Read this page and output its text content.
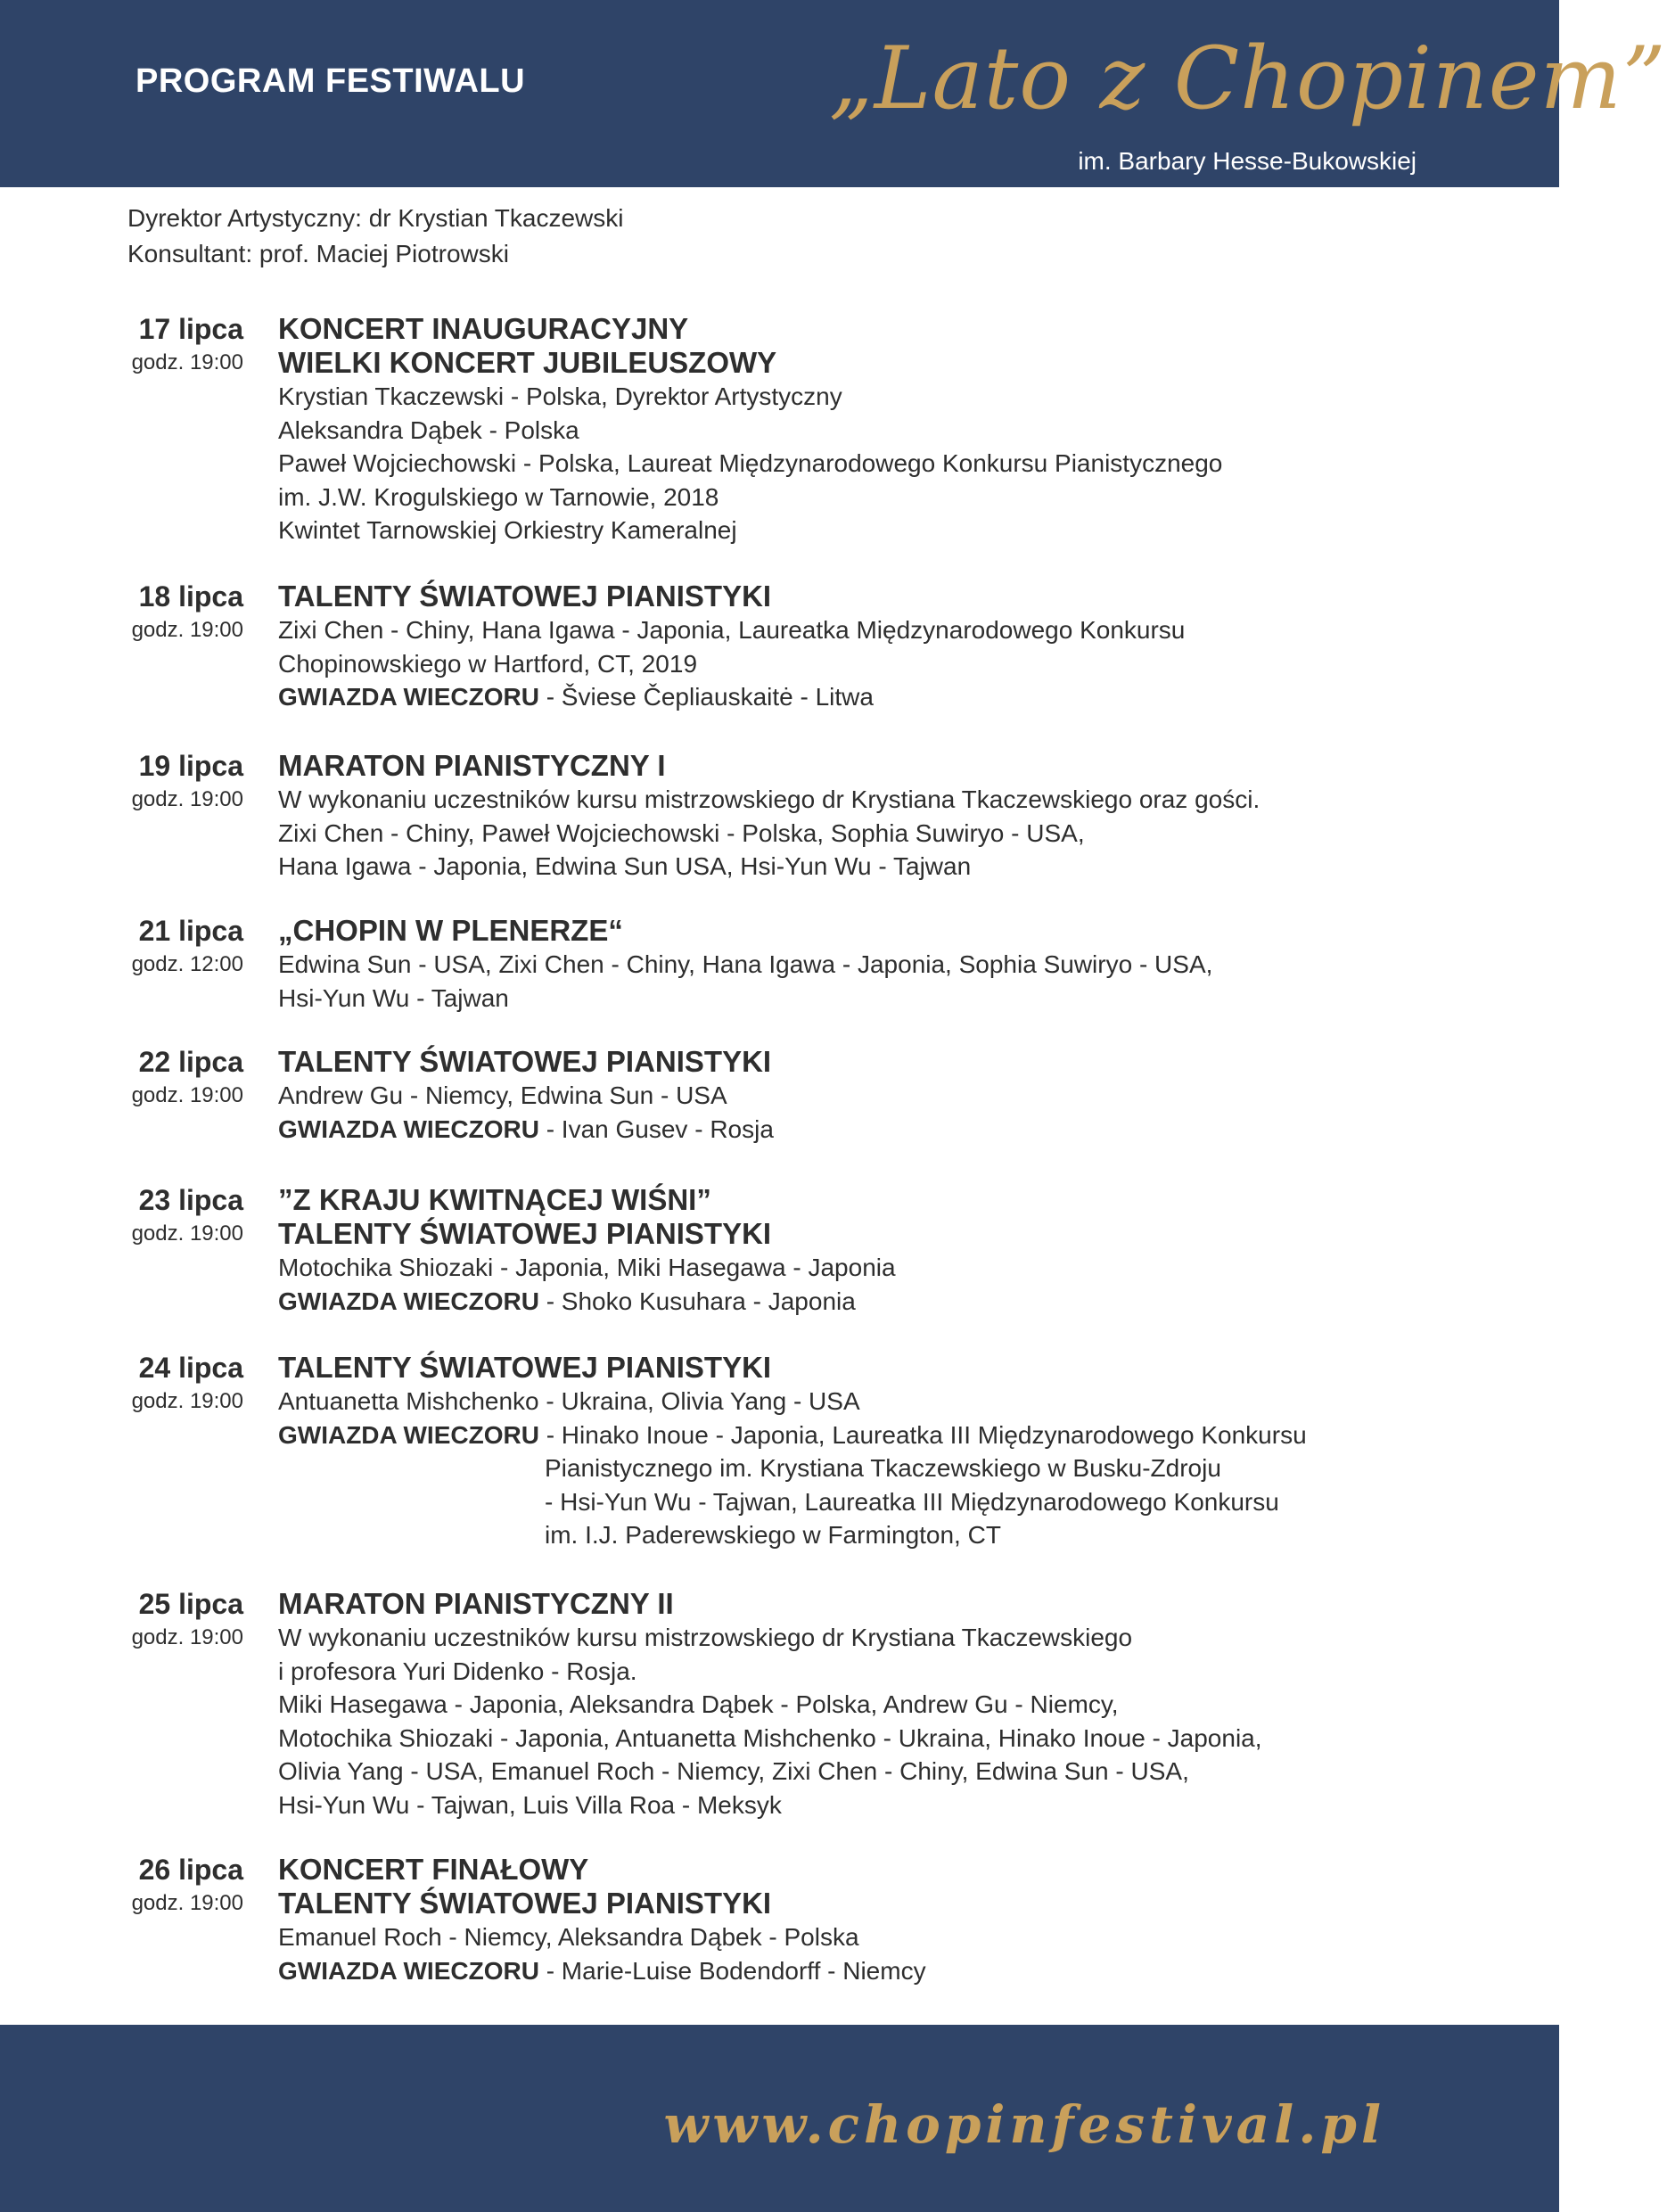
PROGRAM FESTIWALU	„Lato z Chopinem”
im. Barbary Hesse-Bukowskiej
Dyrektor Artystyczny: dr Krystian Tkaczewski
Konsultant: prof. Maciej Piotrowski
17 lipca
godz. 19:00
KONCERT INAUGURACYJNY
WIELKI KONCERT JUBILEUSZOWY
Krystian Tkaczewski - Polska, Dyrektor Artystyczny
Aleksandra Dąbek - Polska
Paweł Wojciechowski - Polska, Laureat Międzynarodowego Konkursu Pianistycznego
im. J.W. Krogulskiego w Tarnowie, 2018
Kwintet Tarnowskiej Orkiestry Kameralnej
18 lipca
godz. 19:00
TALENTY ŚWIATOWEJ PIANISTYKI
Zixi Chen - Chiny, Hana Igawa - Japonia, Laureatka Międzynarodowego Konkursu
Chopinowskiego w Hartford, CT, 2019
GWIAZDA WIECZORU - Šviese Čepliauskaitė - Litwa
19 lipca
godz. 19:00
MARATON PIANISTYCZNY I
W wykonaniu uczestników kursu mistrzowskiego dr Krystiana Tkaczewskiego oraz gości.
Zixi Chen - Chiny, Paweł Wojciechowski - Polska, Sophia Suwiryo - USA,
Hana Igawa - Japonia, Edwina Sun USA, Hsi-Yun Wu - Tajwan
21 lipca
godz. 12:00
„CHOPIN W PLENERZE“
Edwina Sun - USA, Zixi Chen - Chiny, Hana Igawa - Japonia, Sophia Suwiryo - USA,
Hsi-Yun Wu - Tajwan
22 lipca
godz. 19:00
TALENTY ŚWIATOWEJ PIANISTYKI
Andrew Gu - Niemcy, Edwina Sun - USA
GWIAZDA WIECZORU - Ivan Gusev - Rosja
23 lipca
godz. 19:00
”Z KRAJU KWITNĄCEJ WIŚNI”
TALENTY ŚWIATOWEJ PIANISTYKI
Motochika Shiozaki - Japonia, Miki Hasegawa - Japonia
GWIAZDA WIECZORU - Shoko Kusuhara - Japonia
24 lipca
godz. 19:00
TALENTY ŚWIATOWEJ PIANISTYKI
Antuanetta Mishchenko - Ukraina, Olivia Yang - USA
GWIAZDA WIECZORU - Hinako Inoue - Japonia, Laureatka III Międzynarodowego Konkursu
Pianistycznego im. Krystiana Tkaczewskiego w Busku-Zdroju
- Hsi-Yun Wu - Tajwan, Laureatka III Międzynarodowego Konkursu
im. I.J. Paderewskiego w Farmington, CT
25 lipca
godz. 19:00
MARATON PIANISTYCZNY II
W wykonaniu uczestników kursu mistrzowskiego dr Krystiana Tkaczewskiego
i profesora Yuri Didenko - Rosja.
Miki Hasegawa - Japonia, Aleksandra Dąbek - Polska, Andrew Gu - Niemcy,
Motochika Shiozaki - Japonia, Antuanetta Mishchenko - Ukraina, Hinako Inoue - Japonia,
Olivia Yang - USA, Emanuel Roch - Niemcy, Zixi Chen - Chiny, Edwina Sun - USA,
Hsi-Yun Wu - Tajwan, Luis Villa Roa - Meksyk
26 lipca
godz. 19:00
KONCERT FINAŁOWY
TALENTY ŚWIATOWEJ PIANISTYKI
Emanuel Roch - Niemcy, Aleksandra Dąbek - Polska
GWIAZDA WIECZORU - Marie-Luise Bodendorff - Niemcy
www.chopinfestival.pl
